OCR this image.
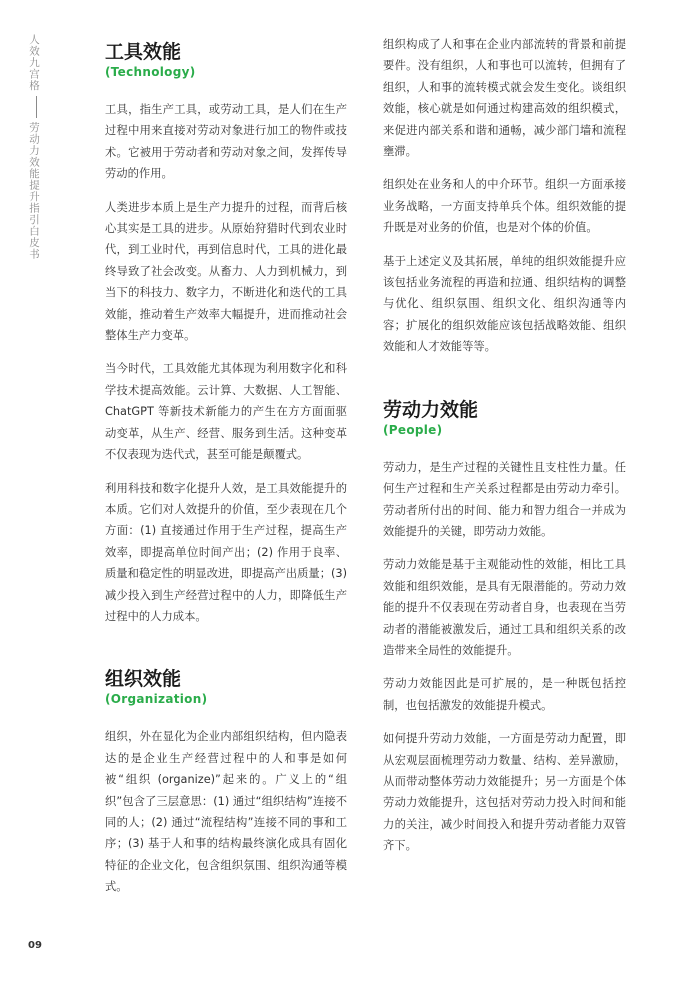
人效九宫格
劳动力效能提升指引白皮书
09
工具效能
(Technology)

工具，指生产工具，或劳动工具，是人们在生产过程中用来直接对劳动对象进行加工的物件或技术。它被用于劳动者和劳动对象之间，发挥传导劳动的作用。

人类进步本质上是生产力提升的过程，而背后核心其实是工具的进步。从原始狩猎时代到农业时代，到工业时代，再到信息时代，工具的进化最终导致了社会改变。从畜力、人力到机械力，到当下的科技力、数字力，不断进化和迭代的工具效能，推动着生产效率大幅提升，进而推动社会整体生产力变革。

当今时代，工具效能尤其体现为利用数字化和科学技术提高效能。云计算、大数据、人工智能、ChatGPT 等新技术新能力的产生在方方面面驱动变革，从生产、经营、服务到生活。这种变革不仅表现为迭代式，甚至可能是颠覆式。

利用科技和数字化提升人效，是工具效能提升的本质。它们对人效提升的价值，至少表现在几个方面：(1) 直接通过作用于生产过程，提高生产效率，即提高单位时间产出；(2) 作用于良率、质量和稳定性的明显改进，即提高产出质量；(3) 减少投入到生产经营过程中的人力，即降低生产过程中的人力成本。

组织效能
(Organization)

组织，外在显化为企业内部组织结构，但内隐表达的是企业生产经营过程中的人和事是如何被“组织 (organize)”起来的。广义上的“组织”包含了三层意思：(1) 通过“组织结构”连接不同的人；(2) 通过“流程结构”连接不同的事和工序；(3) 基于人和事的结构最终演化成具有固化特征的企业文化，包含组织氛围、组织沟通等模式。

组织构成了人和事在企业内部流转的背景和前提要件。没有组织，人和事也可以流转，但拥有了组织，人和事的流转模式就会发生变化。谈组织效能，核心就是如何通过构建高效的组织模式，来促进内部关系和谐和通畅，减少部门墙和流程壅滞。

组织处在业务和人的中介环节。组织一方面承接业务战略，一方面支持单兵个体。组织效能的提升既是对业务的价值，也是对个体的价值。

基于上述定义及其拓展，单纯的组织效能提升应该包括业务流程的再造和拉通、组织结构的调整与优化、组织氛围、组织文化、组织沟通等内容；扩展化的组织效能应该包括战略效能、组织效能和人才效能等等。

劳动力效能
(People)

劳动力，是生产过程的关键性且支柱性力量。任何生产过程和生产关系过程都是由劳动力牵引。劳动者所付出的时间、能力和智力组合一并成为效能提升的关键，即劳动力效能。

劳动力效能是基于主观能动性的效能，相比工具效能和组织效能，是具有无限潜能的。劳动力效能的提升不仅表现在劳动者自身，也表现在当劳动者的潜能被激发后，通过工具和组织关系的改造带来全局性的效能提升。

劳动力效能因此是可扩展的，是一种既包括控制，也包括激发的效能提升模式。

如何提升劳动力效能，一方面是劳动力配置，即从宏观层面梳理劳动力数量、结构、差异激励，从而带动整体劳动力效能提升；另一方面是个体劳动力效能提升，这包括对劳动力投入时间和能力的关注，减少时间投入和提升劳动者能力双管齐下。
